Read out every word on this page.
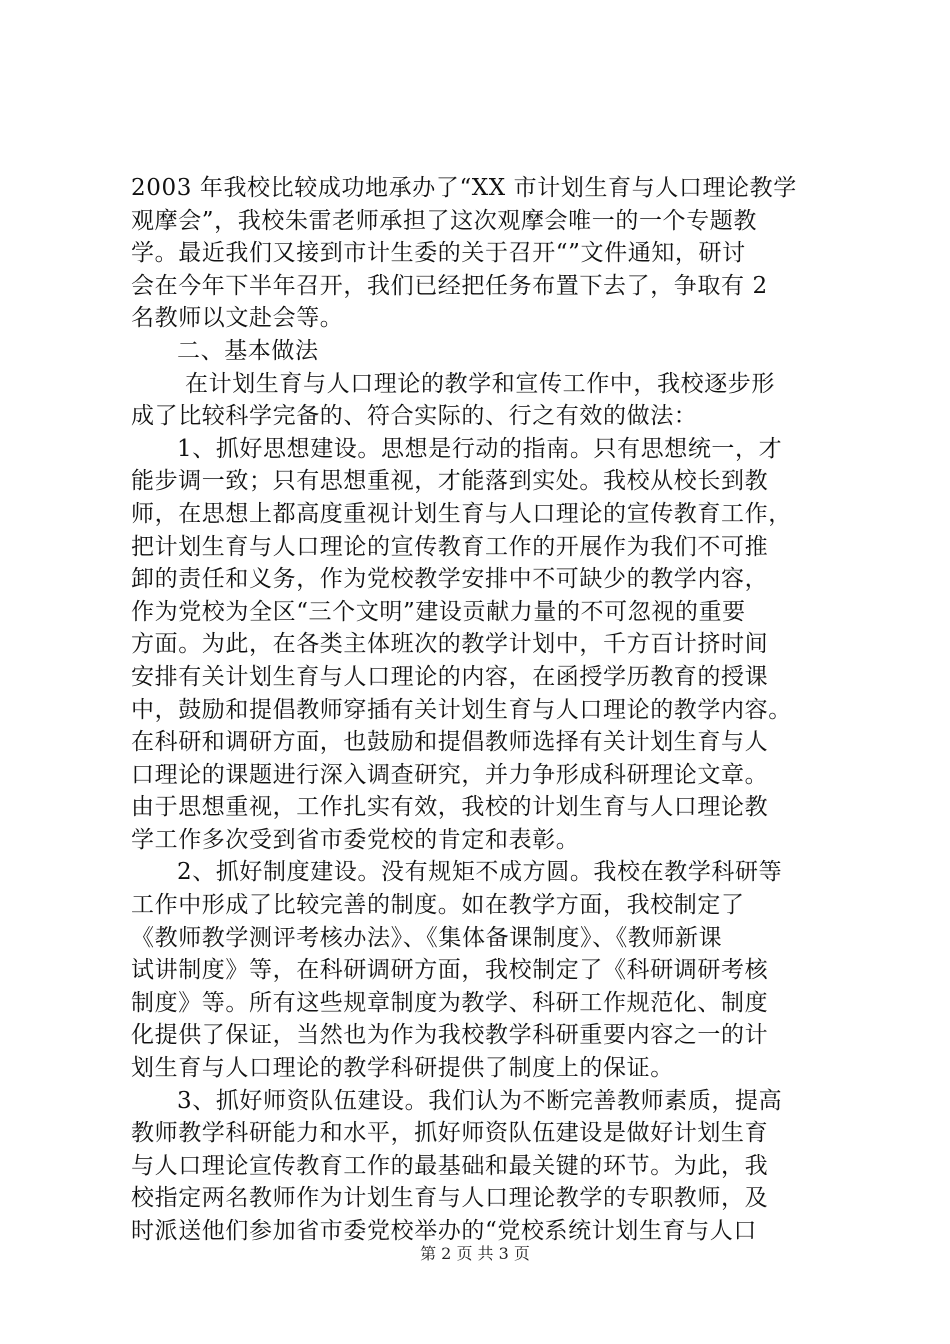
2003 年我校比较成功地承办了“XX 市计划生育与人口理论教学
观摩会”，我校朱雷老师承担了这次观摩会唯一的一个专题教
学。最近我们又接到市计生委的关于召开“”文件通知，研讨
会在今年下半年召开，我们已经把任务布置下去了，争取有 2
名教师以文赴会等。
二、基本做法
在计划生育与人口理论的教学和宣传工作中，我校逐步形
成了比较科学完备的、符合实际的、行之有效的做法：
1、抓好思想建设。思想是行动的指南。只有思想统一，才
能步调一致；只有思想重视，才能落到实处。我校从校长到教
师，在思想上都高度重视计划生育与人口理论的宣传教育工作，
把计划生育与人口理论的宣传教育工作的开展作为我们不可推
卸的责任和义务，作为党校教学安排中不可缺少的教学内容，
作为党校为全区“三个文明”建设贡献力量的不可忽视的重要
方面。为此，在各类主体班次的教学计划中，千方百计挤时间
安排有关计划生育与人口理论的内容，在函授学历教育的授课
中，鼓励和提倡教师穿插有关计划生育与人口理论的教学内容。
在科研和调研方面，也鼓励和提倡教师选择有关计划生育与人
口理论的课题进行深入调查研究，并力争形成科研理论文章。
由于思想重视，工作扎实有效，我校的计划生育与人口理论教
学工作多次受到省市委党校的肯定和表彰。
2、抓好制度建设。没有规矩不成方圆。我校在教学科研等
工作中形成了比较完善的制度。如在教学方面，我校制定了
《教师教学测评考核办法》、《集体备课制度》、《教师新课
试讲制度》等，在科研调研方面，我校制定了《科研调研考核
制度》等。所有这些规章制度为教学、科研工作规范化、制度
化提供了保证，当然也为作为我校教学科研重要内容之一的计
划生育与人口理论的教学科研提供了制度上的保证。
3、抓好师资队伍建设。我们认为不断完善教师素质，提高
教师教学科研能力和水平，抓好师资队伍建设是做好计划生育
与人口理论宣传教育工作的最基础和最关键的环节。为此，我
校指定两名教师作为计划生育与人口理论教学的专职教师，及
时派送他们参加省市委党校举办的“党校系统计划生育与人口
第 2 页 共 3 页
